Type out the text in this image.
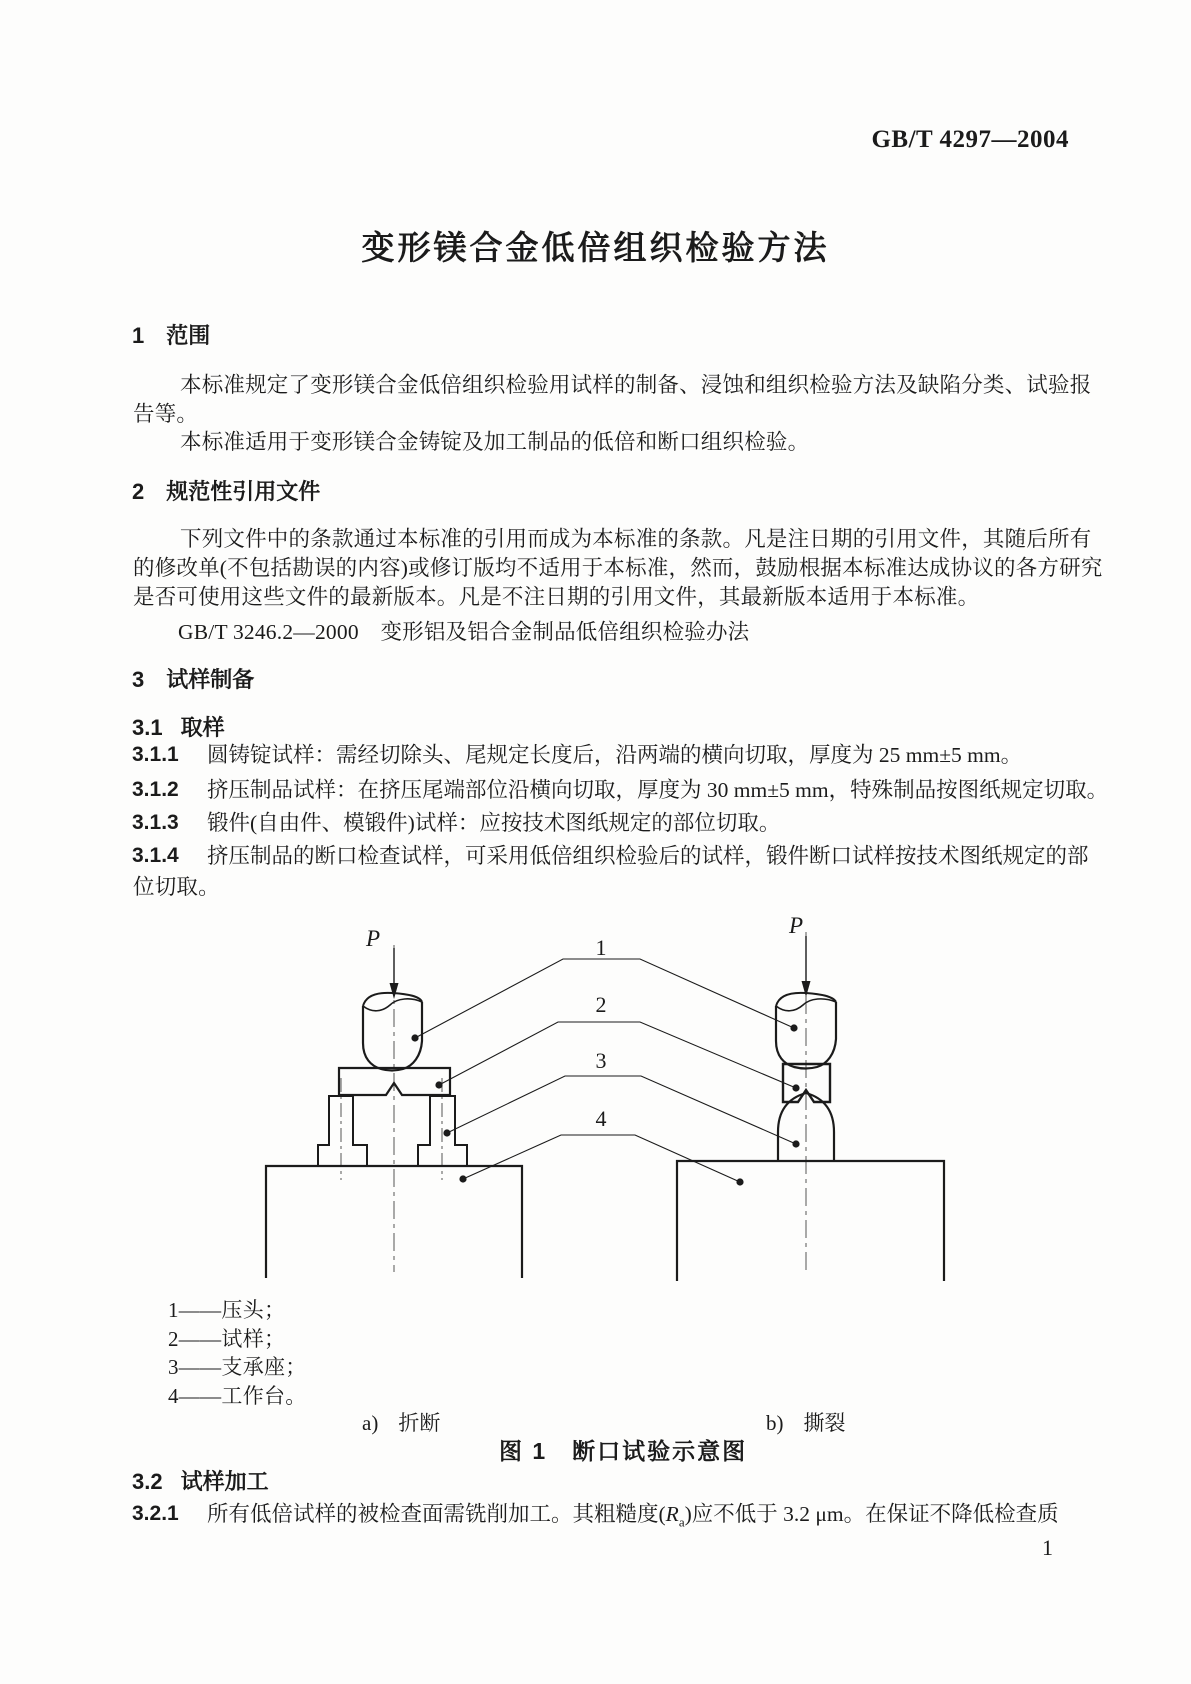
GB/T 4297—2004
变形镁合金低倍组织检验方法
1 范围
本标准规定了变形镁合金低倍组织检验用试样的制备、浸蚀和组织检验方法及缺陷分类、试验报
告等。
本标准适用于变形镁合金铸锭及加工制品的低倍和断口组织检验。
2 规范性引用文件
下列文件中的条款通过本标准的引用而成为本标准的条款。凡是注日期的引用文件，其随后所有
的修改单(不包括勘误的内容)或修订版均不适用于本标准，然而，鼓励根据本标准达成协议的各方研究
是否可使用这些文件的最新版本。凡是不注日期的引用文件，其最新版本适用于本标准。
GB/T 3246.2—2000　变形铝及铝合金制品低倍组织检验办法
3 试样制备
3.1 取样
3.1.1	圆铸锭试样：需经切除头、尾规定长度后，沿两端的横向切取，厚度为 25 mm±5 mm。
3.1.2	挤压制品试样：在挤压尾端部位沿横向切取，厚度为 30 mm±5 mm，特殊制品按图纸规定切取。
3.1.3	锻件(自由件、模锻件)试样：应按技术图纸规定的部位切取。
3.1.4	挤压制品的断口检查试样，可采用低倍组织检验后的试样，锻件断口试样按技术图纸规定的部
位切取。
P
P
1
2
3
4
1——压头；
2——试样；
3——支承座；
4——工作台。
a) 折断	b) 撕裂
图 1　断口试验示意图
3.2 试样加工
3.2.1	所有低倍试样的被检查面需铣削加工。其粗糙度$(R_a)$应不低于 3.2 μm。在保证不降低检查质
1
